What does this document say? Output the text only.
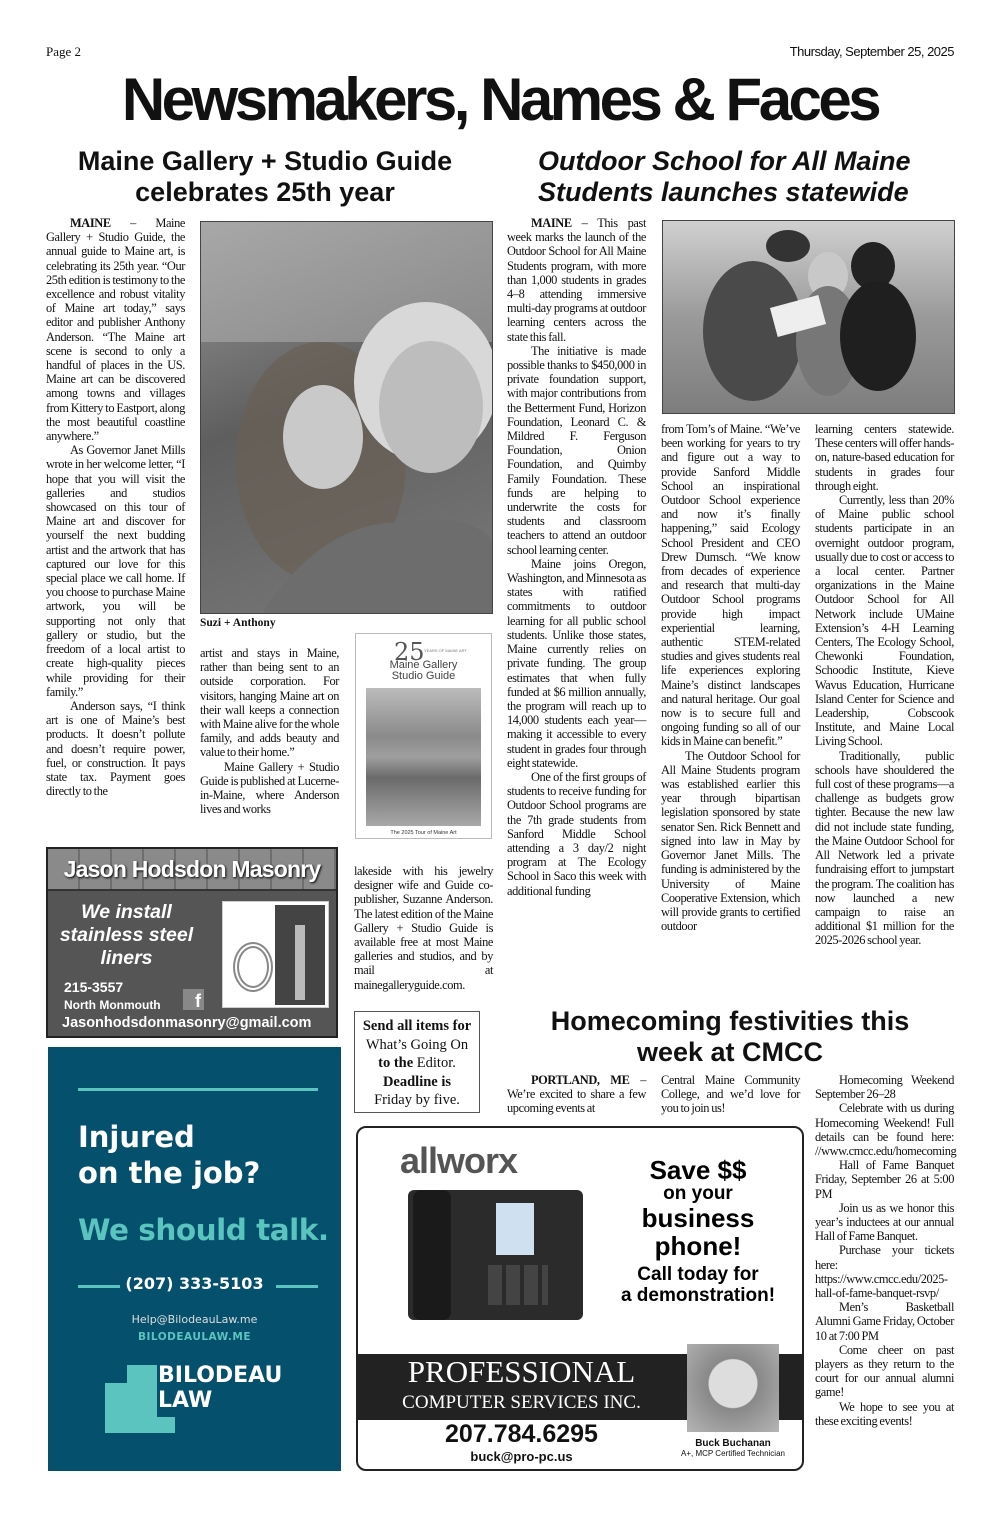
Page 2	Thursday, September 25, 2025
Newsmakers, Names & Faces
Maine Gallery + Studio Guide
celebrates 25th year

MAINE – Maine Gallery + Studio Guide, the annual guide to Maine art, is celebrating its 25th year. “Our 25th edition is testimony to the excellence and robust vitality of Maine art today,” says editor and publisher Anthony Anderson. “The Maine art scene is second to only a handful of places in the US. Maine art can be discovered among towns and villages from Kittery to Eastport, along the most beautiful coastline anywhere.”

As Governor Janet Mills wrote in her welcome letter, “I hope that you will visit the galleries and studios showcased on this tour of Maine art and discover for yourself the next budding artist and the artwork that has captured our love for this special place we call home. If you choose to purchase Maine artwork, you will be supporting not only that gallery or studio, but the freedom of a local artist to create high-quality pieces while providing for their family.”

Anderson says, “I think art is one of Maine’s best products. It doesn’t pollute and doesn’t require power, fuel, or construction. It pays state tax. Payment goes directly to the

Suzi + Anthony

artist and stays in Maine, rather than being sent to an outside corporation. For visitors, hanging Maine art on their wall keeps a connection with Maine alive for the whole family, and adds beauty and value to their home.”

Maine Gallery + Studio Guide is published at Lucerne-in-Maine, where Anderson lives and works

25 YEARS OF MAINE ART
Maine Gallery
Studio Guide
The 2025 Tour of Maine Art

lakeside with his jewelry designer wife and Guide co-publisher, Suzanne Anderson. The latest edition of the Maine Gallery + Studio Guide is available free at most Maine galleries and studios, and by mail at mainegalleryguide.com.

Outdoor School for All Maine
Students launches statewide

MAINE – This past week marks the launch of the Outdoor School for All Maine Students program, with more than 1,000 students in grades 4–8 attending immersive multi-day programs at outdoor learning centers across the state this fall.

The initiative is made possible thanks to $450,000 in private foundation support, with major contributions from the Betterment Fund, Horizon Foundation, Leonard C. & Mildred F. Ferguson Foundation, Onion Foundation, and Quimby Family Foundation. These funds are helping to underwrite the costs for students and classroom teachers to attend an outdoor school learning center.

Maine joins Oregon, Washington, and Minnesota as states with ratified commitments to outdoor learning for all public school students. Unlike those states, Maine currently relies on private funding. The group estimates that when fully funded at $6 million annually, the program will reach up to 14,000 students each year—making it accessible to every student in grades four through eight statewide.

One of the first groups of students to receive funding for Outdoor School programs are the 7th grade students from Sanford Middle School attending a 3 day/2 night program at The Ecology School in Saco this week with additional funding

from Tom’s of Maine. “We’ve been working for years to try and figure out a way to provide Sanford Middle School an inspirational Outdoor School experience and now it’s finally happening,” said Ecology School President and CEO Drew Dumsch. “We know from decades of experience and research that multi-day Outdoor School programs provide high impact experiential learning, authentic STEM-related studies and gives students real life experiences exploring Maine’s distinct landscapes and natural heritage. Our goal now is to secure full and ongoing funding so all of our kids in Maine can benefit.”

The Outdoor School for All Maine Students program was established earlier this year through bipartisan legislation sponsored by state senator Sen. Rick Bennett and signed into law in May by Governor Janet Mills. The funding is administered by the University of Maine Cooperative Extension, which will provide grants to certified outdoor

learning centers statewide. These centers will offer hands-on, nature-based education for students in grades four through eight.

Currently, less than 20% of Maine public school students participate in an overnight outdoor program, usually due to cost or access to a local center. Partner organizations in the Maine Outdoor School for All Network include UMaine Extension’s 4-H Learning Centers, The Ecology School, Chewonki Foundation, Schoodic Institute, Kieve Wavus Education, Hurricane Island Center for Science and Leadership, Cobscook Institute, and Maine Local Living School.

Traditionally, public schools have shouldered the full cost of these programs—a challenge as budgets grow tighter. Because the new law did not include state funding, the Maine Outdoor School for All Network led a private fundraising effort to jumpstart the program. The coalition has now launched a new campaign to raise an additional $1 million for the 2025-2026 school year.

Jason Hodsdon Masonry
We install
stainless steel
liners
215-3557
North Monmouth	f
Jasonhodsdonmasonry@gmail.com	Send all items for
What’s Going On
to the Editor.
Deadline is
Friday by five.
Homecoming festivities this
week at CMCC

PORTLAND, ME – We’re excited to share a few upcoming events at

Central Maine Community College, and we’d love for you to join us!

Homecoming Weekend September 26–28

Celebrate with us during Homecoming Weekend! Full details can be found here: //www.cmcc.edu/homecoming

Hall of Fame Banquet Friday, September 26 at 5:00 PM

Join us as we honor this year’s inductees at our annual Hall of Fame Banquet.

Purchase your tickets here: https://www.cmcc.edu/2025-hall-of-fame-banquet-rsvp/

Men’s Basketball Alumni Game Friday, October 10 at 7:00 PM

Come cheer on past players as they return to the court for our annual alumni game!

We hope to see you at these exciting events!

Injured
on the job?
We should talk.
(207) 333-5103
Help@BilodeauLaw.me
BILODEAULAW.ME
BILODEAU
LAW
allworx	Save $$
on your
business
phone!
Call today for
a demonstration!
PROFESSIONAL
COMPUTER SERVICES INC.
207.784.6295
buck@pro-pc.us
Buck Buchanan
A+, MCP Certified Technician
